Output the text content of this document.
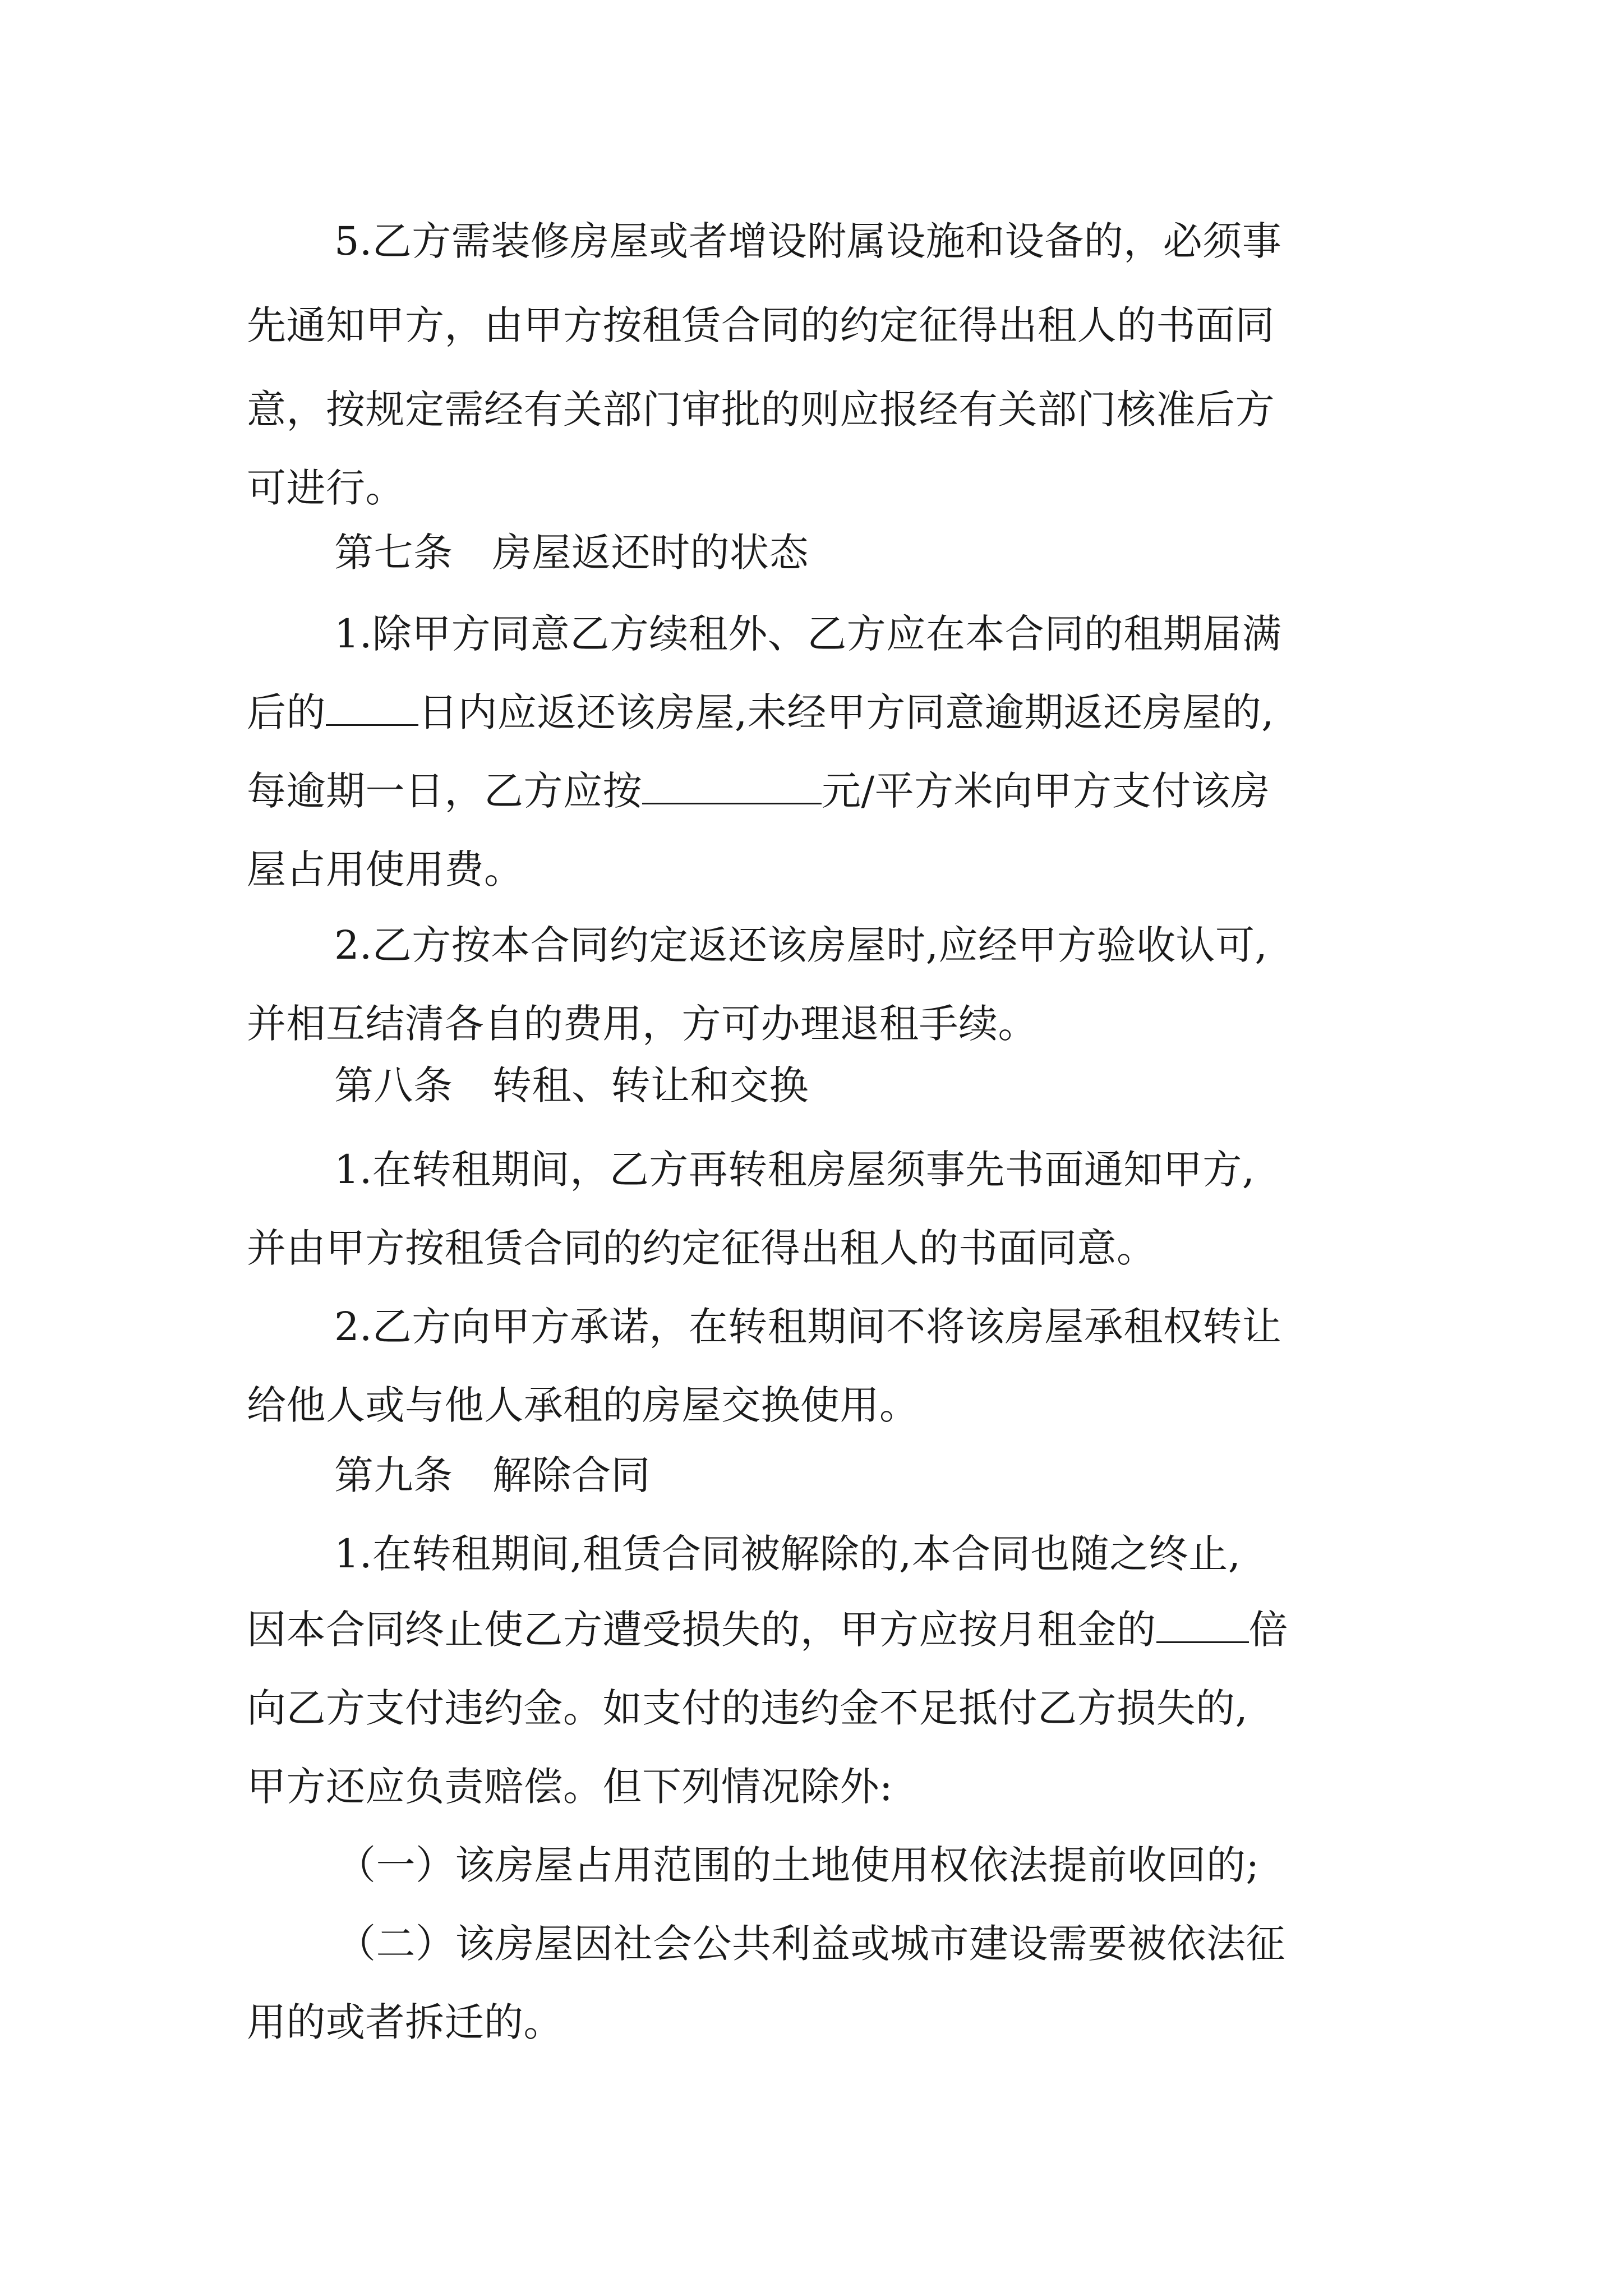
5.乙方需装修房屋或者增设附属设施和设备的，必须事
先通知甲方，由甲方按租赁合同的约定征得出租人的书面同
意，按规定需经有关部门审批的则应报经有关部门核准后方
可进行。
第七条　房屋返还时的状态
1.除甲方同意乙方续租外、乙方应在本合同的租期届满
后的 日内应返还该房屋,未经甲方同意逾期返还房屋的,
每逾期一日，乙方应按	元/平方米向甲方支付该房
屋占用使用费。
2.乙方按本合同约定返还该房屋时,应经甲方验收认可,
并相互结清各自的费用，方可办理退租手续。
第八条　转租、转让和交换
1.在转租期间，乙方再转租房屋须事先书面通知甲方,
并由甲方按租赁合同的约定征得出租人的书面同意。
2.乙方向甲方承诺，在转租期间不将该房屋承租权转让
给他人或与他人承租的房屋交换使用。
第九条　解除合同
1.在转租期间,租赁合同被解除的,本合同也随之终止,
因本合同终止使乙方遭受损失的，甲方应按月租金的 倍
向乙方支付违约金。如支付的违约金不足抵付乙方损失的,
甲方还应负责赔偿。但下列情况除外:
（一）该房屋占用范围的土地使用权依法提前收回的;
（二）该房屋因社会公共利益或城市建设需要被依法征
用的或者拆迁的。
